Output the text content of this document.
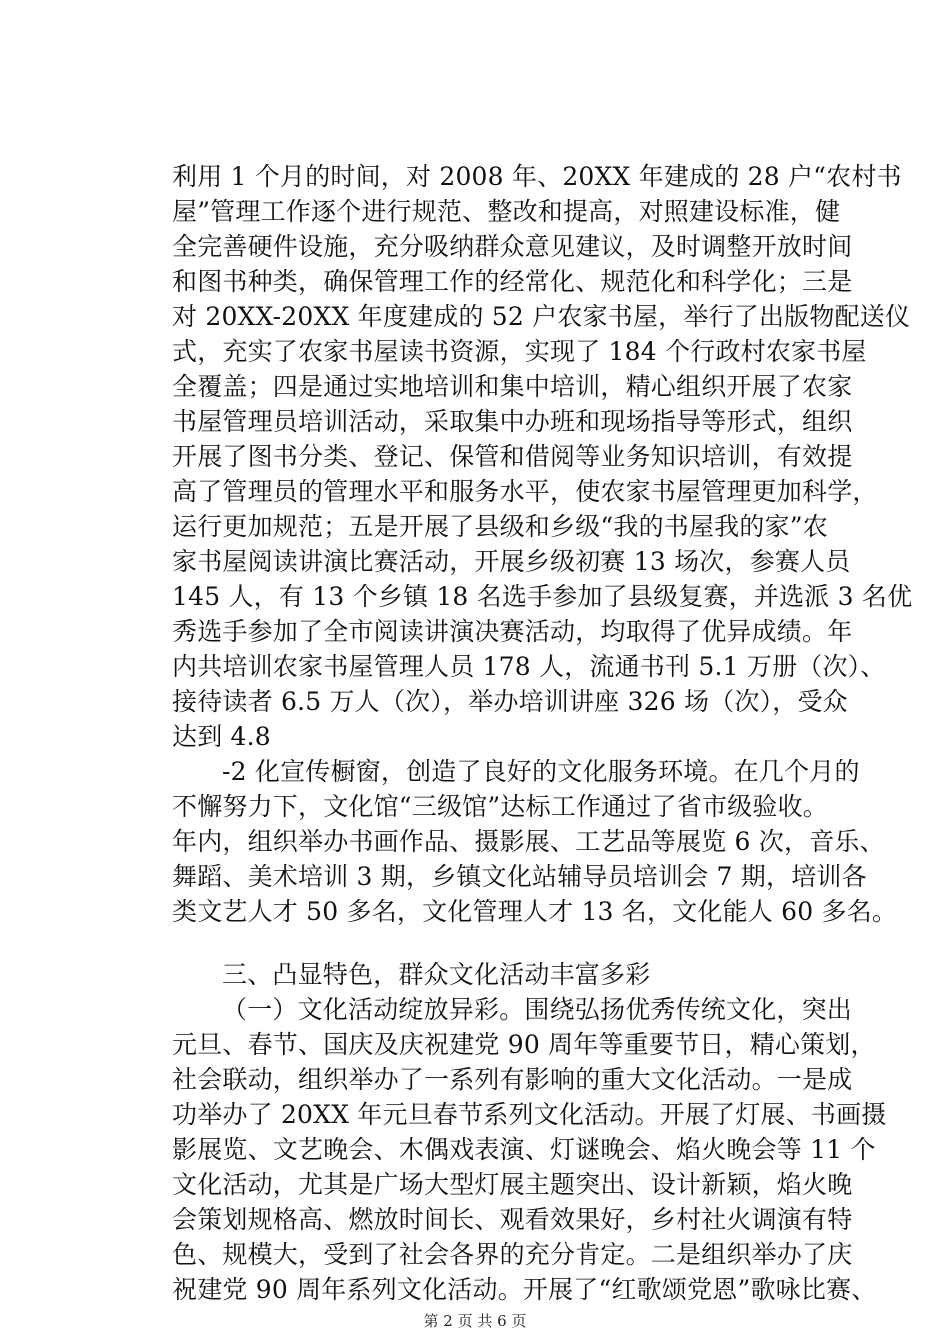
利用 1 个月的时间，对 2008 年、20XX 年建成的 28 户“农村书
屋”管理工作逐个进行规范、整改和提高，对照建设标准，健
全完善硬件设施，充分吸纳群众意见建议，及时调整开放时间
和图书种类，确保管理工作的经常化、规范化和科学化；三是
对 20XX-20XX 年度建成的 52 户农家书屋，举行了出版物配送仪
式，充实了农家书屋读书资源，实现了 184 个行政村农家书屋
全覆盖；四是通过实地培训和集中培训，精心组织开展了农家
书屋管理员培训活动，采取集中办班和现场指导等形式，组织
开展了图书分类、登记、保管和借阅等业务知识培训，有效提
高了管理员的管理水平和服务水平，使农家书屋管理更加科学，
运行更加规范；五是开展了县级和乡级“我的书屋我的家”农
家书屋阅读讲演比赛活动，开展乡级初赛 13 场次，参赛人员
145 人，有 13 个乡镇 18 名选手参加了县级复赛，并选派 3 名优
秀选手参加了全市阅读讲演决赛活动，均取得了优异成绩。年
内共培训农家书屋管理人员 178 人，流通书刊 5.1 万册（次）、
接待读者 6.5 万人（次），举办培训讲座 326 场（次），受众
达到 4.8
-2 化宣传橱窗，创造了良好的文化服务环境。在几个月的
不懈努力下，文化馆“三级馆”达标工作通过了省市级验收。
年内，组织举办书画作品、摄影展、工艺品等展览 6 次，音乐、
舞蹈、美术培训 3 期，乡镇文化站辅导员培训会 7 期，培训各
类文艺人才 50 多名，文化管理人才 13 名，文化能人 60 多名。
三、凸显特色，群众文化活动丰富多彩
（一）文化活动绽放异彩。围绕弘扬优秀传统文化，突出
元旦、春节、国庆及庆祝建党 90 周年等重要节日，精心策划，
社会联动，组织举办了一系列有影响的重大文化活动。一是成
功举办了 20XX 年元旦春节系列文化活动。开展了灯展、书画摄
影展览、文艺晚会、木偶戏表演、灯谜晚会、焰火晚会等 11 个
文化活动，尤其是广场大型灯展主题突出、设计新颖，焰火晚
会策划规格高、燃放时间长、观看效果好，乡村社火调演有特
色、规模大，受到了社会各界的充分肯定。二是组织举办了庆
祝建党 90 周年系列文化活动。开展了“红歌颂党恩”歌咏比赛、
第 2 页 共 6 页
